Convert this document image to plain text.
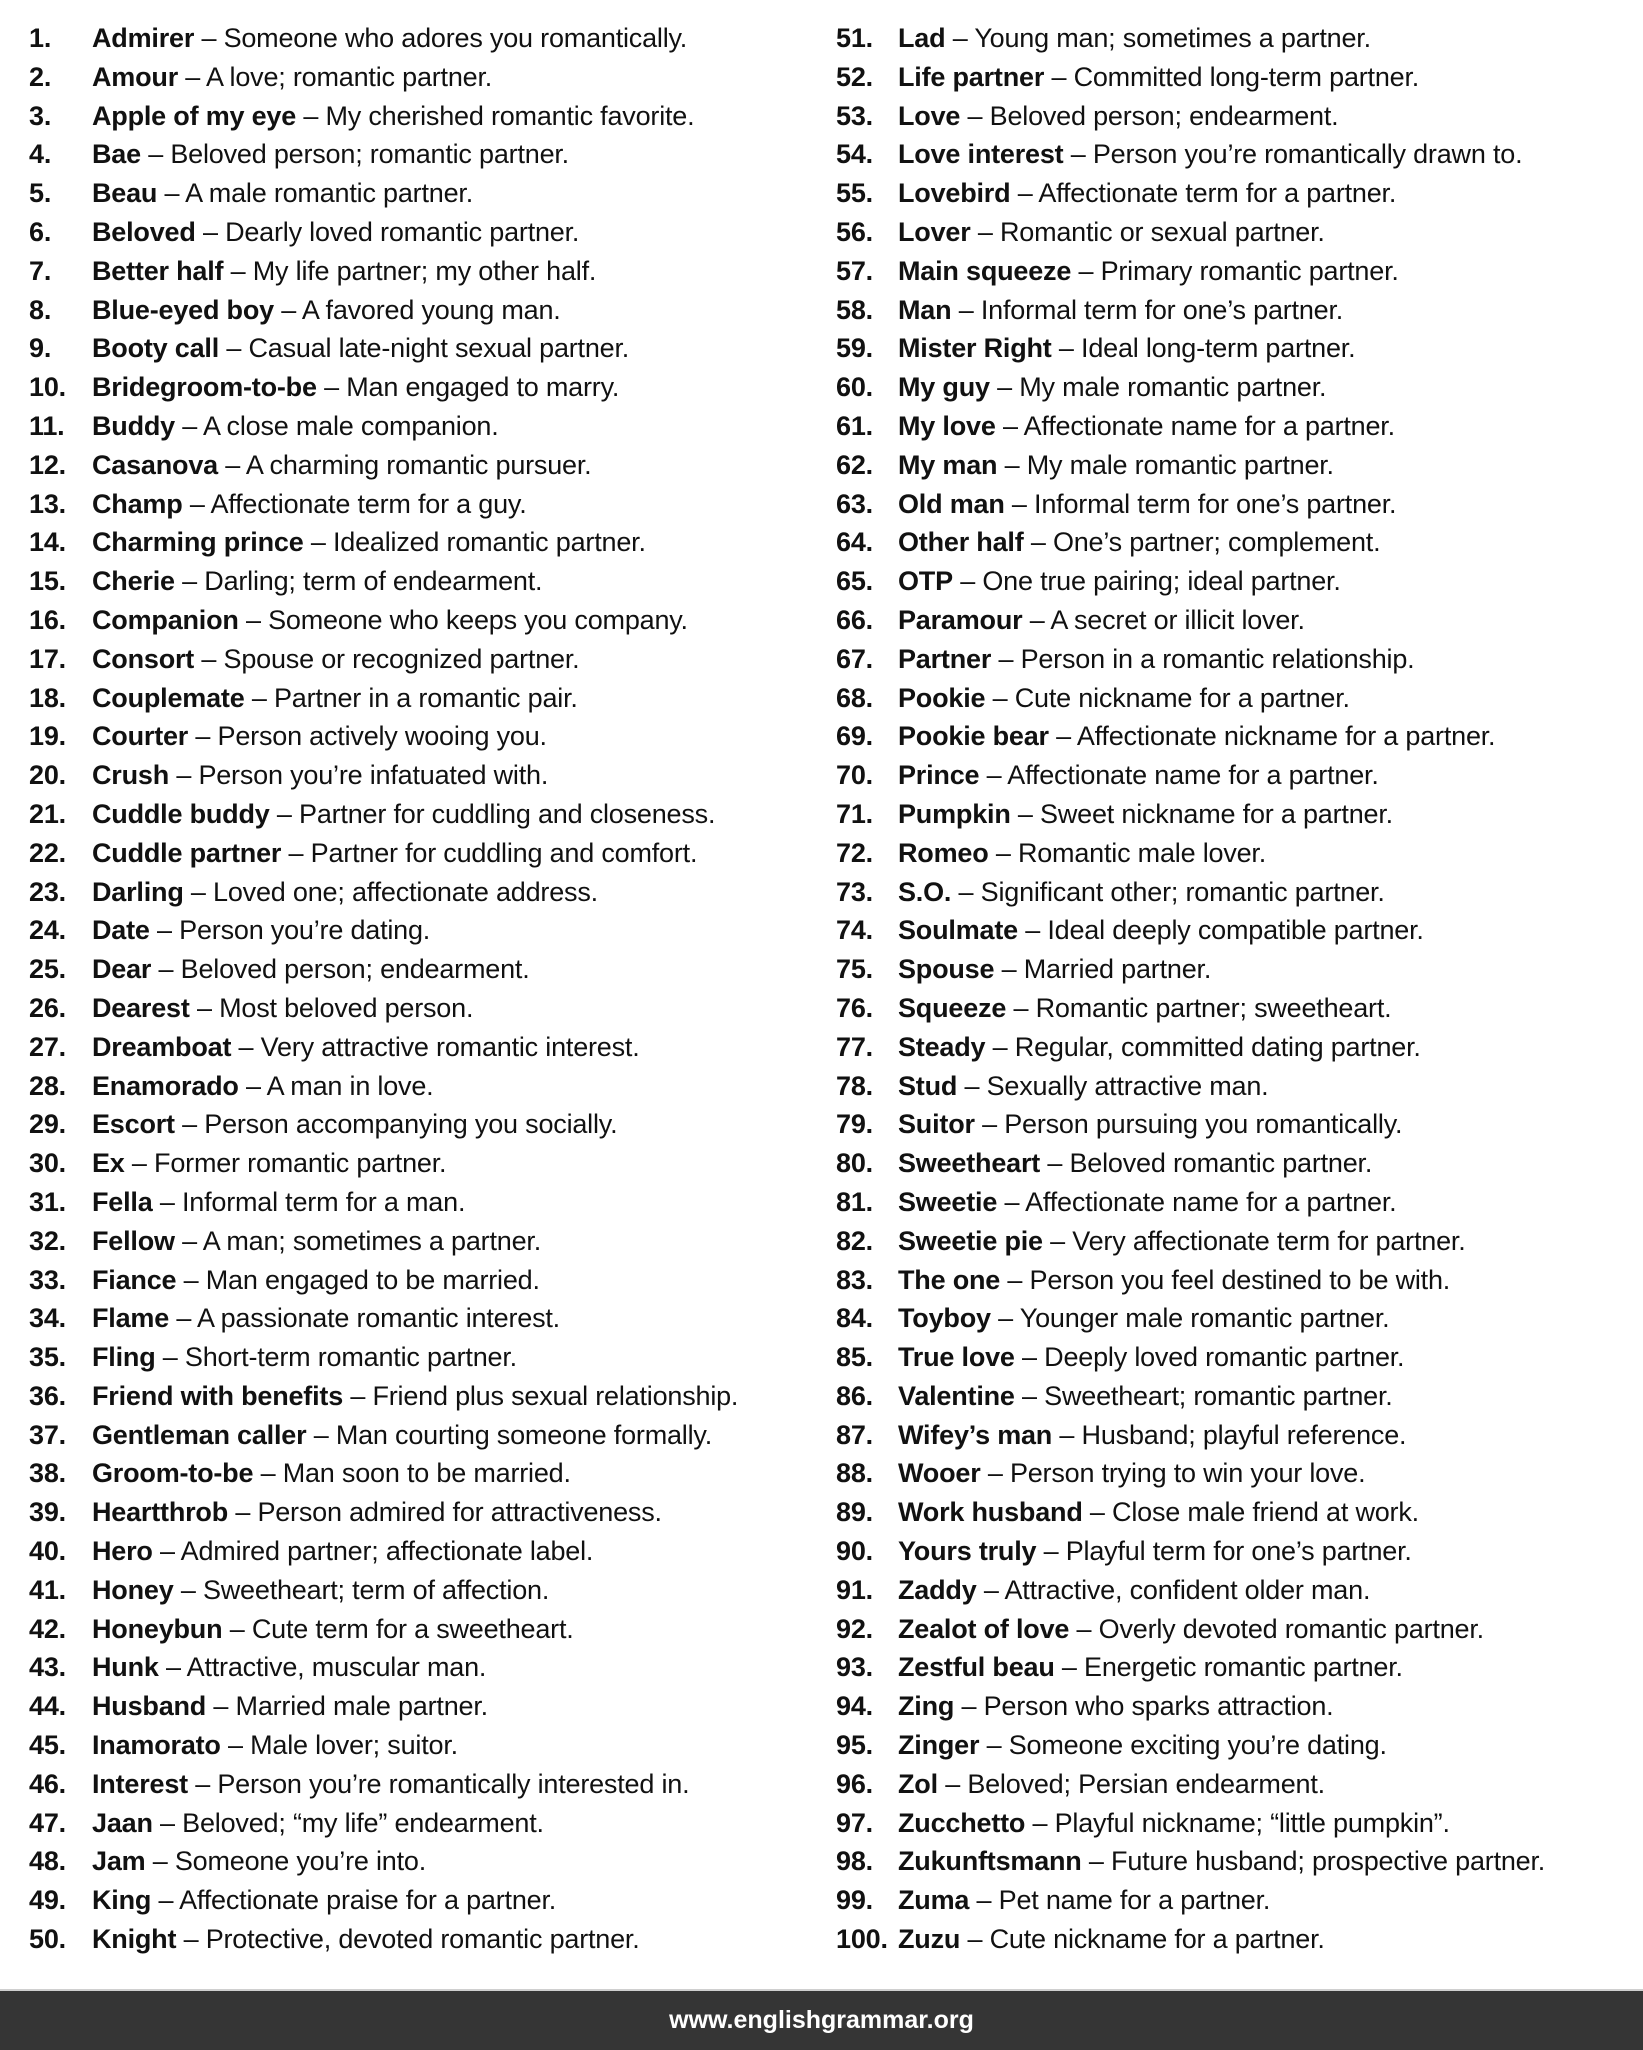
1. Admirer – Someone who adores you romantically.
2. Amour – A love; romantic partner.
3. Apple of my eye – My cherished romantic favorite.
4. Bae – Beloved person; romantic partner.
5. Beau – A male romantic partner.
6. Beloved – Dearly loved romantic partner.
7. Better half – My life partner; my other half.
8. Blue-eyed boy – A favored young man.
9. Booty call – Casual late-night sexual partner.
10. Bridegroom-to-be – Man engaged to marry.
11. Buddy – A close male companion.
12. Casanova – A charming romantic pursuer.
13. Champ – Affectionate term for a guy.
14. Charming prince – Idealized romantic partner.
15. Cherie – Darling; term of endearment.
16. Companion – Someone who keeps you company.
17. Consort – Spouse or recognized partner.
18. Couplemate – Partner in a romantic pair.
19. Courter – Person actively wooing you.
20. Crush – Person you’re infatuated with.
21. Cuddle buddy – Partner for cuddling and closeness.
22. Cuddle partner – Partner for cuddling and comfort.
23. Darling – Loved one; affectionate address.
24. Date – Person you’re dating.
25. Dear – Beloved person; endearment.
26. Dearest – Most beloved person.
27. Dreamboat – Very attractive romantic interest.
28. Enamorado – A man in love.
29. Escort – Person accompanying you socially.
30. Ex – Former romantic partner.
31. Fella – Informal term for a man.
32. Fellow – A man; sometimes a partner.
33. Fiance – Man engaged to be married.
34. Flame – A passionate romantic interest.
35. Fling – Short-term romantic partner.
36. Friend with benefits – Friend plus sexual relationship.
37. Gentleman caller – Man courting someone formally.
38. Groom-to-be – Man soon to be married.
39. Heartthrob – Person admired for attractiveness.
40. Hero – Admired partner; affectionate label.
41. Honey – Sweetheart; term of affection.
42. Honeybun – Cute term for a sweetheart.
43. Hunk – Attractive, muscular man.
44. Husband – Married male partner.
45. Inamorato – Male lover; suitor.
46. Interest – Person you’re romantically interested in.
47. Jaan – Beloved; “my life” endearment.
48. Jam – Someone you’re into.
49. King – Affectionate praise for a partner.
50. Knight – Protective, devoted romantic partner.
51. Lad – Young man; sometimes a partner.
52. Life partner – Committed long-term partner.
53. Love – Beloved person; endearment.
54. Love interest – Person you’re romantically drawn to.
55. Lovebird – Affectionate term for a partner.
56. Lover – Romantic or sexual partner.
57. Main squeeze – Primary romantic partner.
58. Man – Informal term for one’s partner.
59. Mister Right – Ideal long-term partner.
60. My guy – My male romantic partner.
61. My love – Affectionate name for a partner.
62. My man – My male romantic partner.
63. Old man – Informal term for one’s partner.
64. Other half – One’s partner; complement.
65. OTP – One true pairing; ideal partner.
66. Paramour – A secret or illicit lover.
67. Partner – Person in a romantic relationship.
68. Pookie – Cute nickname for a partner.
69. Pookie bear – Affectionate nickname for a partner.
70. Prince – Affectionate name for a partner.
71. Pumpkin – Sweet nickname for a partner.
72. Romeo – Romantic male lover.
73. S.O. – Significant other; romantic partner.
74. Soulmate – Ideal deeply compatible partner.
75. Spouse – Married partner.
76. Squeeze – Romantic partner; sweetheart.
77. Steady – Regular, committed dating partner.
78. Stud – Sexually attractive man.
79. Suitor – Person pursuing you romantically.
80. Sweetheart – Beloved romantic partner.
81. Sweetie – Affectionate name for a partner.
82. Sweetie pie – Very affectionate term for partner.
83. The one – Person you feel destined to be with.
84. Toyboy – Younger male romantic partner.
85. True love – Deeply loved romantic partner.
86. Valentine – Sweetheart; romantic partner.
87. Wifey’s man – Husband; playful reference.
88. Wooer – Person trying to win your love.
89. Work husband – Close male friend at work.
90. Yours truly – Playful term for one’s partner.
91. Zaddy – Attractive, confident older man.
92. Zealot of love – Overly devoted romantic partner.
93. Zestful beau – Energetic romantic partner.
94. Zing – Person who sparks attraction.
95. Zinger – Someone exciting you’re dating.
96. Zol – Beloved; Persian endearment.
97. Zucchetto – Playful nickname; “little pumpkin”.
98. Zukunftsmann – Future husband; prospective partner.
99. Zuma – Pet name for a partner.
100. Zuzu – Cute nickname for a partner.
www.englishgrammar.org
